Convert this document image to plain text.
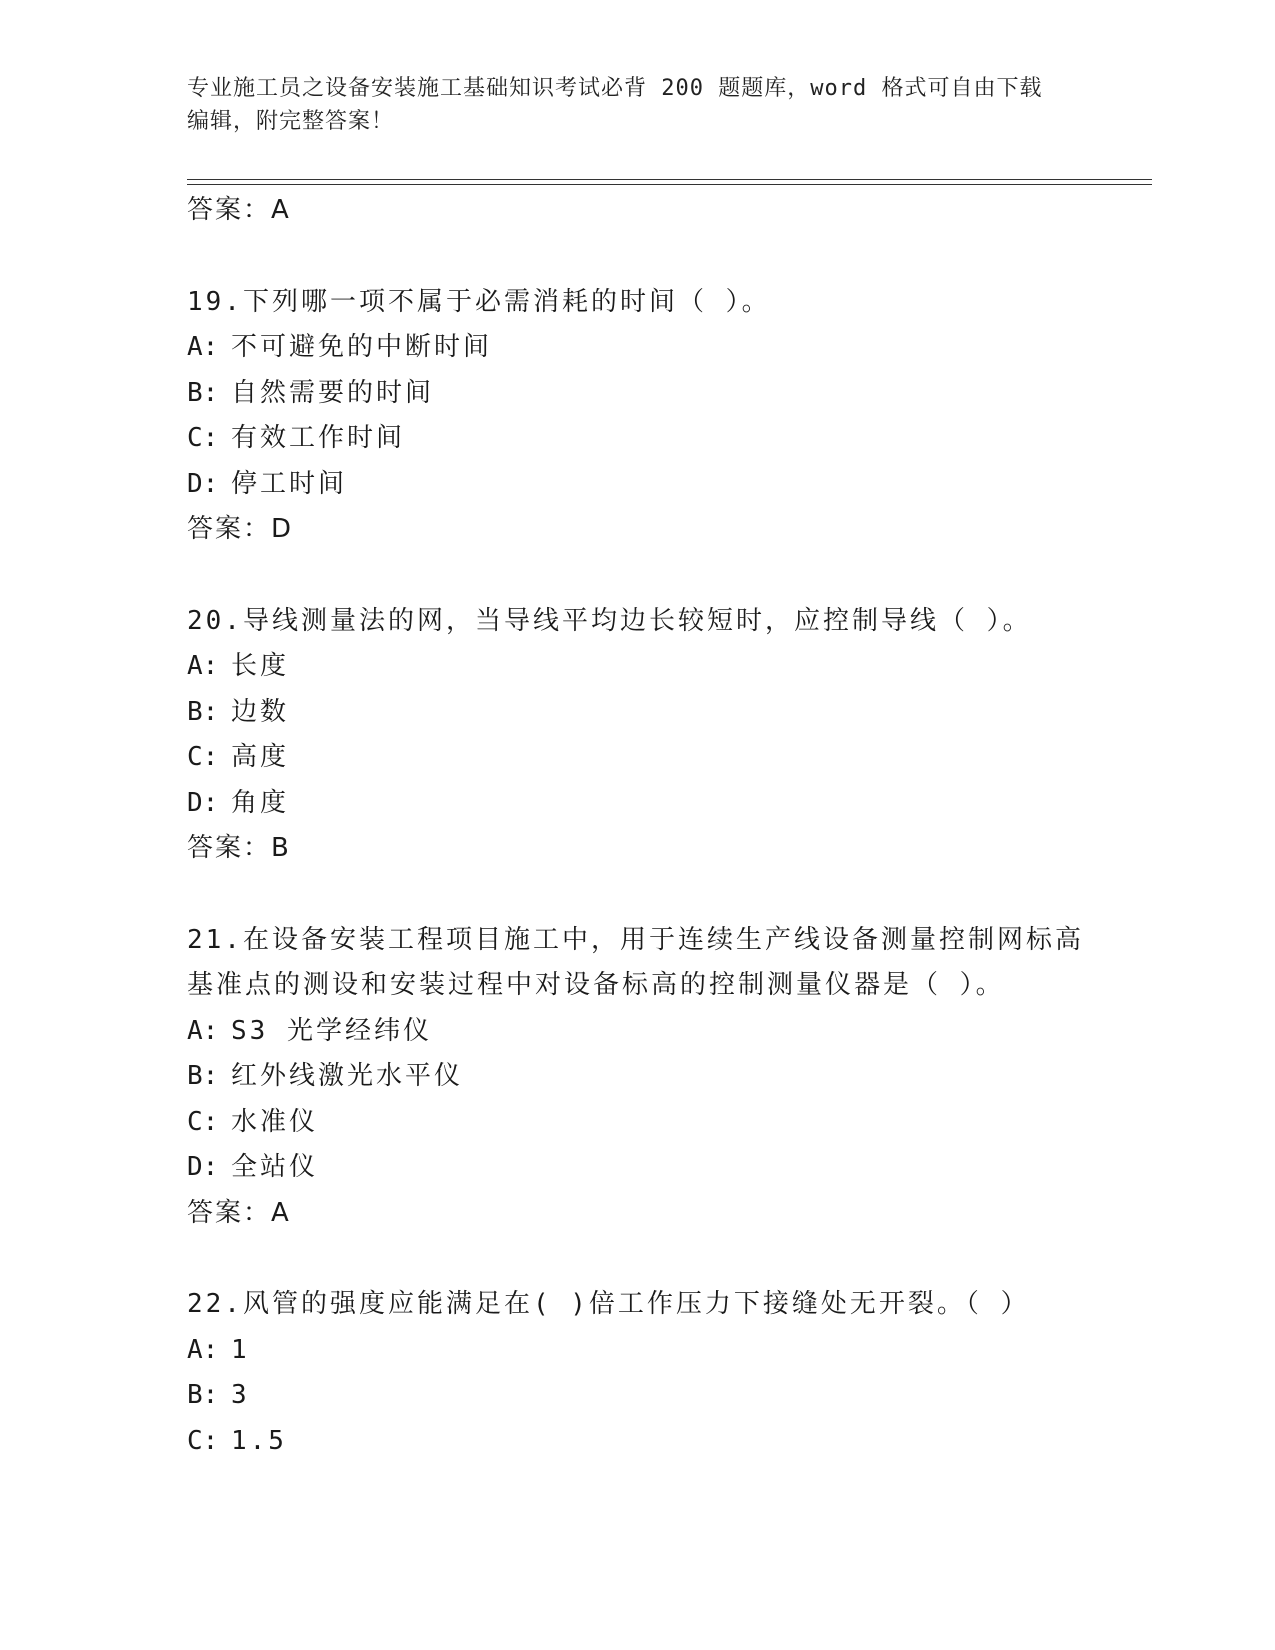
专业施工员之设备安装施工基础知识考试必背 200 题题库，word 格式可自由下载
编辑，附完整答案！
答案：A
19.下列哪一项不属于必需消耗的时间（ ）。
A: 不可避免的中断时间
B: 自然需要的时间
C: 有效工作时间
D: 停工时间
答案：D
20.导线测量法的网，当导线平均边长较短时，应控制导线（ ）。
A: 长度
B: 边数
C: 高度
D: 角度
答案：B
21.在设备安装工程项目施工中，用于连续生产线设备测量控制网标高
基准点的测设和安装过程中对设备标高的控制测量仪器是（ ）。
A: S3 光学经纬仪
B: 红外线激光水平仪
C: 水准仪
D: 全站仪
答案：A
22.风管的强度应能满足在( )倍工作压力下接缝处无开裂。（ ）
A: 1
B: 3
C: 1.5
